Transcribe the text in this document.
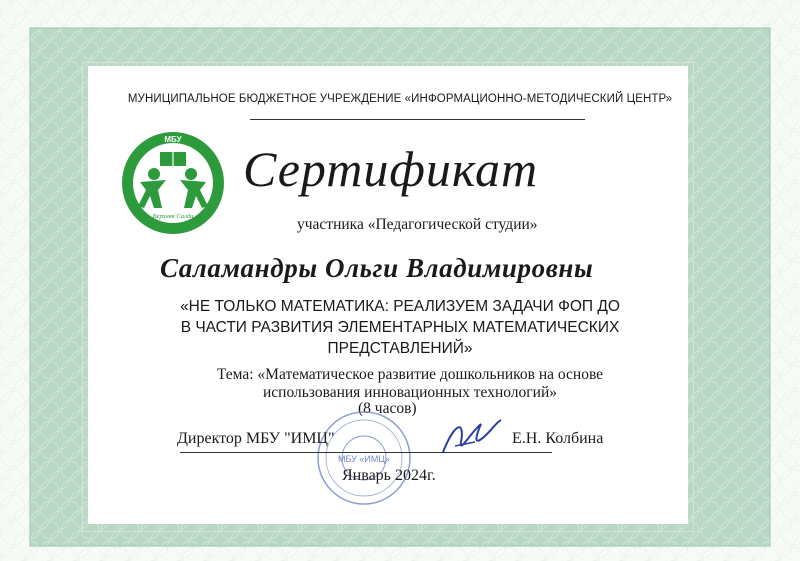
МУНИЦИПАЛЬНОЕ БЮДЖЕТНОЕ УЧРЕЖДЕНИЕ «ИНФОРМАЦИОННО-МЕТОДИЧЕСКИЙ ЦЕНТР»
МБУ
Верхняя Салда
Сертификат
участника «Педагогической студии»
Саламандры Ольги Владимировны
«НЕ ТОЛЬКО МАТЕМАТИКА: РЕАЛИЗУЕМ ЗАДАЧИ ФОП ДО
В ЧАСТИ РАЗВИТИЯ ЭЛЕМЕНТАРНЫХ МАТЕМАТИЧЕСКИХ
ПРЕДСТАВЛЕНИЙ»
Тема: «Математическое развитие дошкольников на основе
использования инновационных технологий»
(8 часов)
МБУ «ИМЦ»
Директор МБУ "ИМЦ"	Е.Н. Колбина
Январь 2024г.
